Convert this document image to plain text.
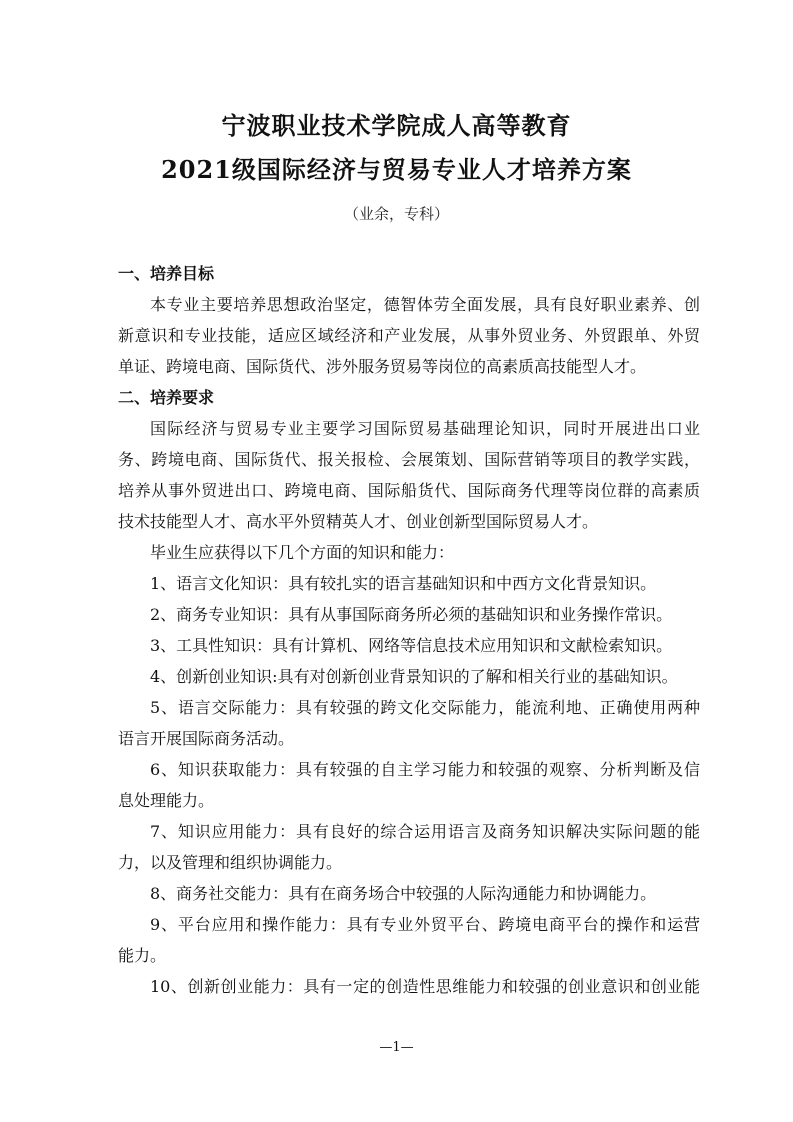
宁波职业技术学院成人高等教育
2021级国际经济与贸易专业人才培养方案
（业余，专科）
一、培养目标
本专业主要培养思想政治坚定，德智体劳全面发展，具有良好职业素养、创
新意识和专业技能，适应区域经济和产业发展，从事外贸业务、外贸跟单、外贸
单证、跨境电商、国际货代、涉外服务贸易等岗位的高素质高技能型人才。
二、培养要求
国际经济与贸易专业主要学习国际贸易基础理论知识，同时开展进出口业
务、跨境电商、国际货代、报关报检、会展策划、国际营销等项目的教学实践，
培养从事外贸进出口、跨境电商、国际船货代、国际商务代理等岗位群的高素质
技术技能型人才、高水平外贸精英人才、创业创新型国际贸易人才。
毕业生应获得以下几个方面的知识和能力：
1、语言文化知识：具有较扎实的语言基础知识和中西方文化背景知识。
2、商务专业知识：具有从事国际商务所必须的基础知识和业务操作常识。
3、工具性知识：具有计算机、网络等信息技术应用知识和文献检索知识。
4、创新创业知识:具有对创新创业背景知识的了解和相关行业的基础知识。
5、语言交际能力：具有较强的跨文化交际能力，能流利地、正确使用两种
语言开展国际商务活动。
6、知识获取能力：具有较强的自主学习能力和较强的观察、分析判断及信
息处理能力。
7、知识应用能力：具有良好的综合运用语言及商务知识解决实际问题的能
力，以及管理和组织协调能力。
8、商务社交能力：具有在商务场合中较强的人际沟通能力和协调能力。
9、平台应用和操作能力：具有专业外贸平台、跨境电商平台的操作和运营
能力。
10、创新创业能力：具有一定的创造性思维能力和较强的创业意识和创业能
—1—
